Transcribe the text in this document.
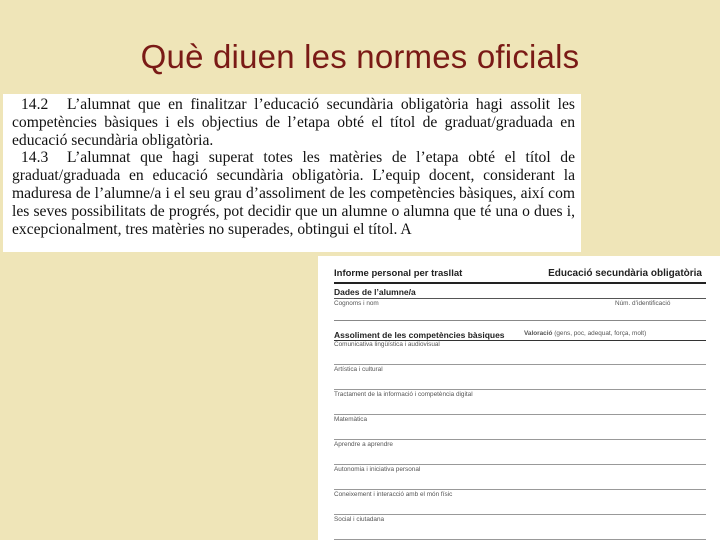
Què diuen les normes oficials
14.2 L’alumnat que en finalitzar l’educació secundària obligatòria hagi assolit les competències bàsiques i els objectius de l’etapa obté el títol de graduat/graduada en educació secundària obligatòria.
14.3 L’alumnat que hagi superat totes les matèries de l’etapa obté el títol de graduat/graduada en educació secundària obligatòria. L’equip docent, considerant la maduresa de l’alumne/a i el seu grau d’assoliment de les competències bàsiques, així com les seves possibilitats de progrés, pot decidir que un alumne o alumna que té una o dues i, excepcionalment, tres matèries no superades, obtingui el títol. A
Informe personal per trasllat	Educació secundària obligatòria
Dades de l’alumne/a
Cognoms i nom	Núm. d’identificació
Assoliment de les competències bàsiques	Valoració (gens, poc, adequat, força, molt)
Comunicativa lingüística i audiovisual
Artística i cultural
Tractament de la informació i competència digital
Matemàtica
Aprendre a aprendre
Autonomia i iniciativa personal
Coneixement i interacció amb el món físic
Social i ciutadana
